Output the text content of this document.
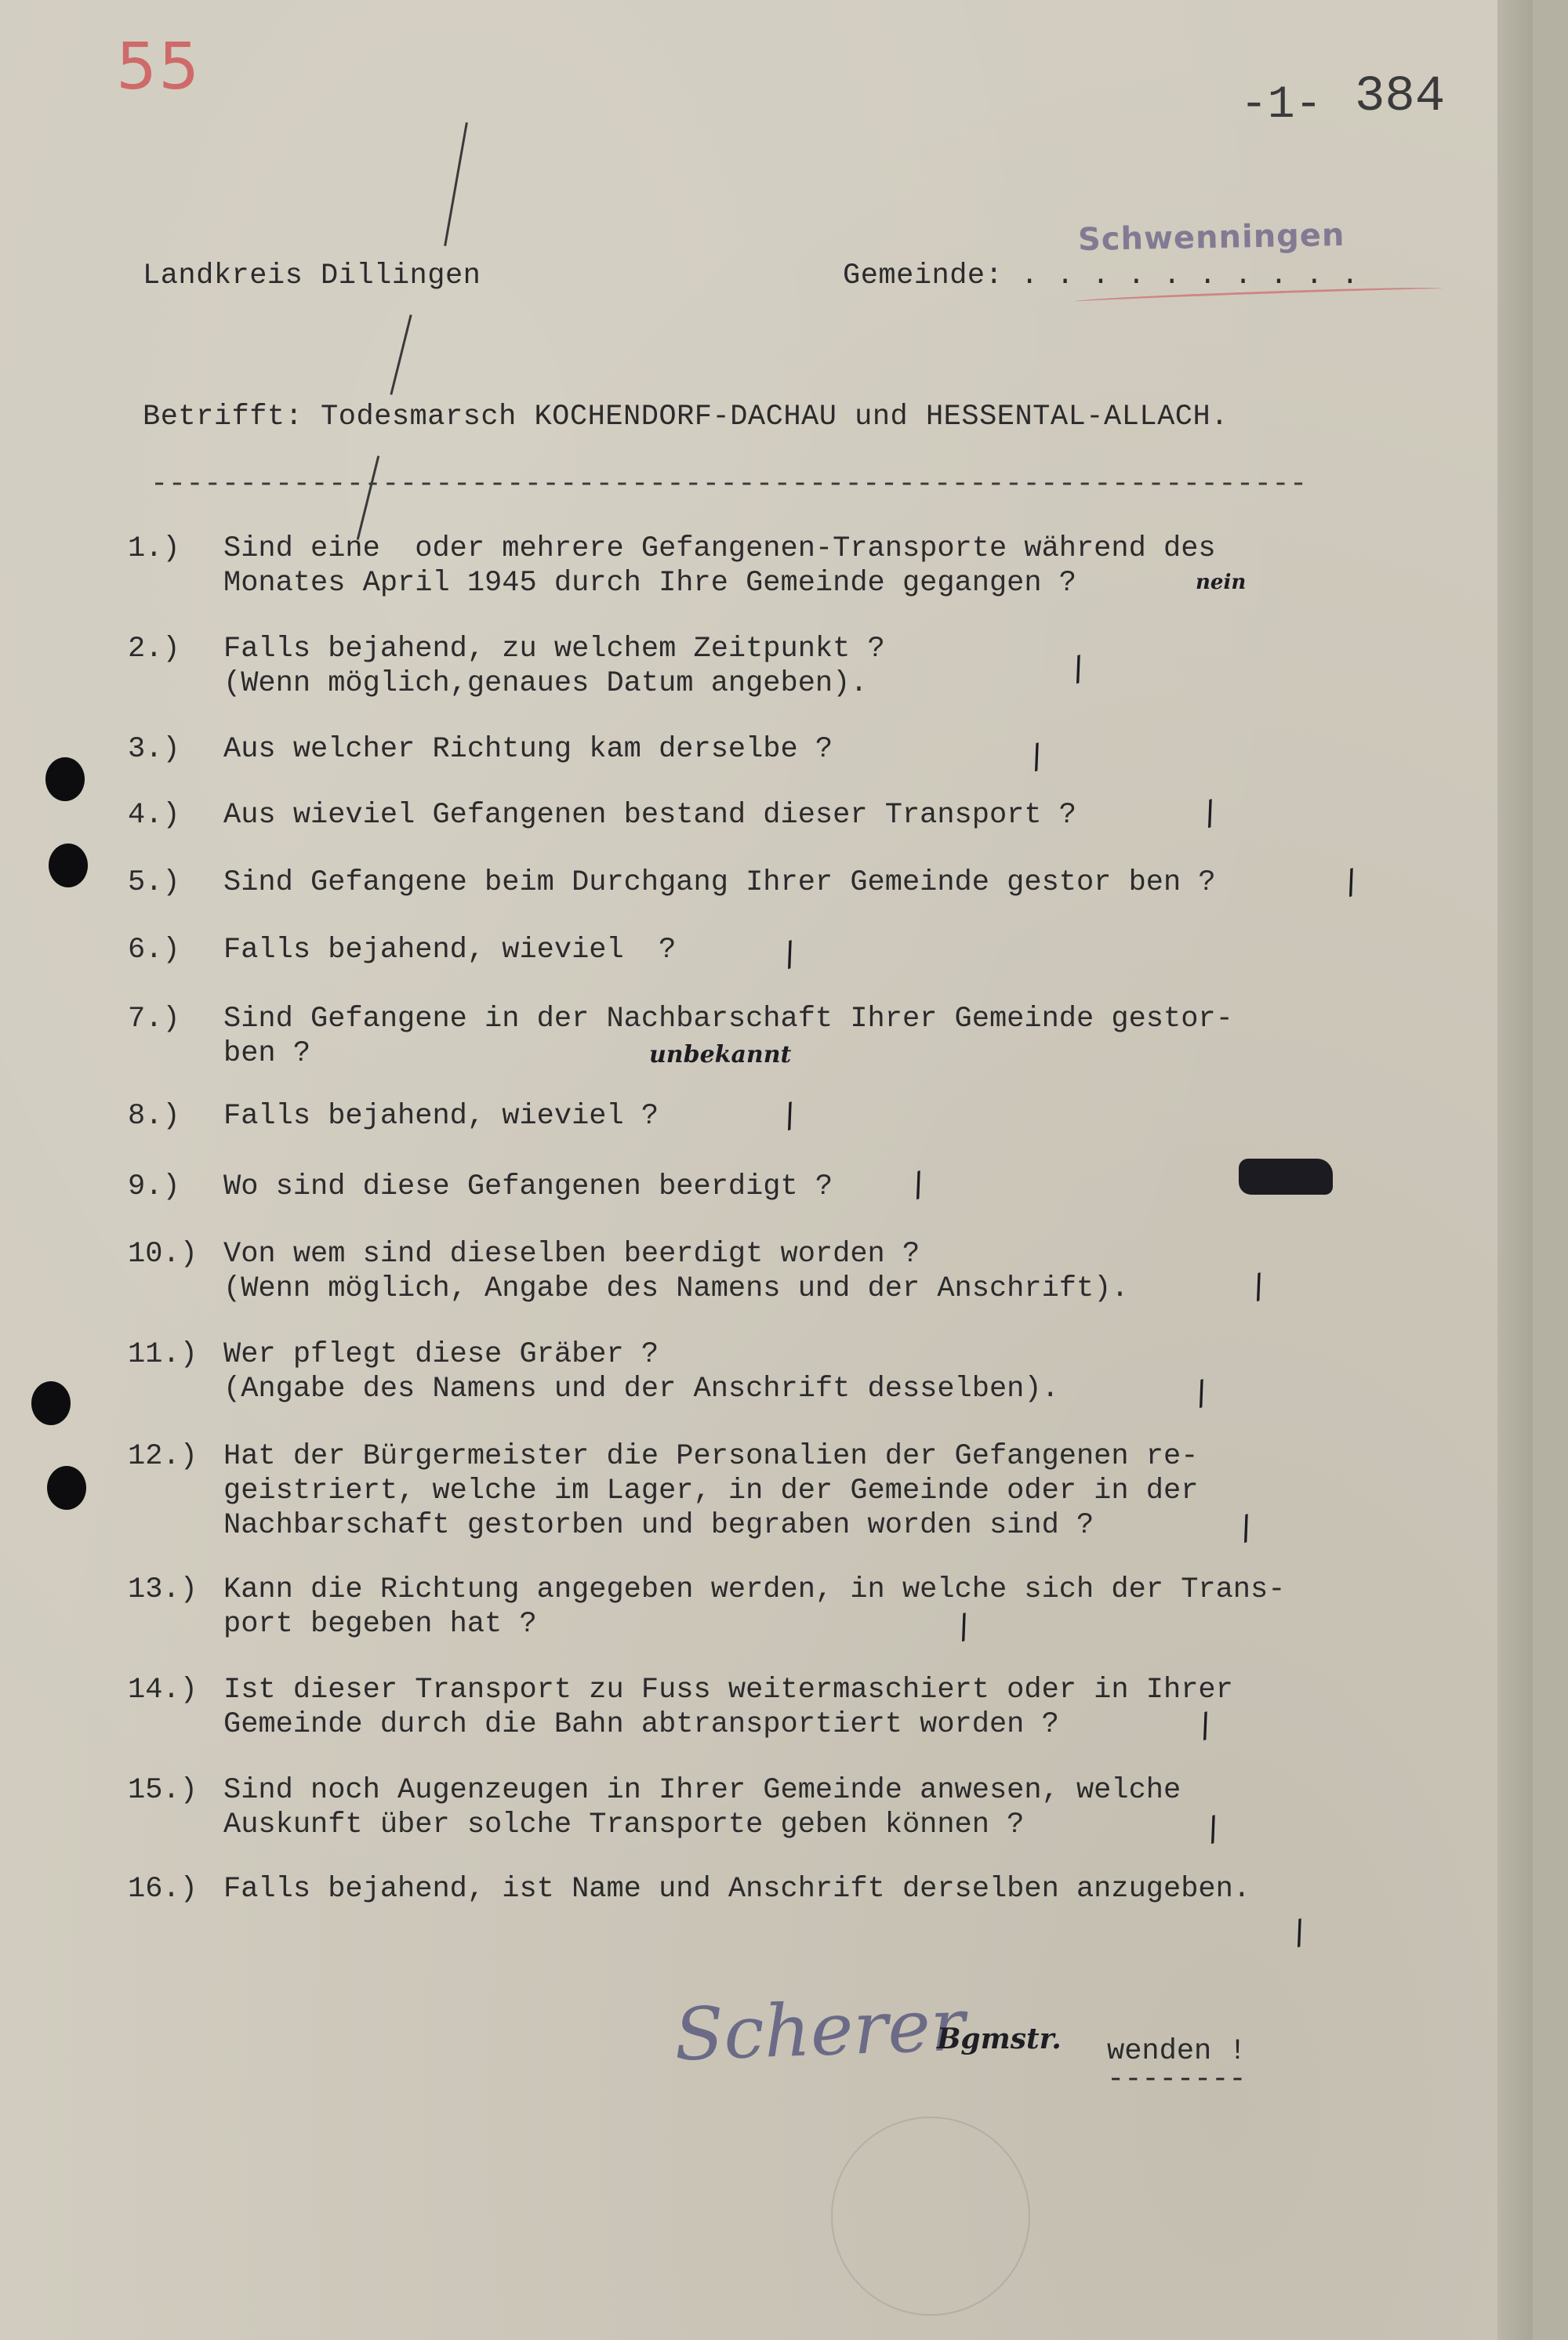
55
-1- 384
Schwenningen
Landkreis Dillingen	Gemeinde: . . . . . . . . . .
Betrifft: Todesmarsch KOCHENDORF-DACHAU und HESSENTAL-ALLACH.
-----------------------------------------------------------------
1.) Sind eine  oder mehrere Gefangenen-Transporte während des
Monates April 1945 durch Ihre Gemeinde gegangen ?	nein
2.) Falls bejahend, zu welchem Zeitpunkt ?
(Wenn möglich,genaues Datum angeben).	/
3.) Aus welcher Richtung kam derselbe ?	/
4.) Aus wieviel Gefangenen bestand dieser Transport ?	/
5.) Sind Gefangene beim Durchgang Ihrer Gemeinde gestor ben ?	/
6.) Falls bejahend, wieviel  ?	/
7.) Sind Gefangene in der Nachbarschaft Ihrer Gemeinde gestor-
ben ?	unbekannt
8.) Falls bejahend, wieviel ?	/
9.) Wo sind diese Gefangenen beerdigt ? /
10.) Von wem sind dieselben beerdigt worden ?
(Wenn möglich, Angabe des Namens und der Anschrift).	/
11.) Wer pflegt diese Gräber ?
(Angabe des Namens und der Anschrift desselben).	/
12.) Hat der Bürgermeister die Personalien der Gefangenen re-
geistriert, welche im Lager, in der Gemeinde oder in der
Nachbarschaft gestorben und begraben worden sind ?	/
13.) Kann die Richtung angegeben werden, in welche sich der Trans-
port begeben hat ?	/
14.) Ist dieser Transport zu Fuss weitermaschiert oder in Ihrer
Gemeinde durch die Bahn abtransportiert worden ?	/
15.) Sind noch Augenzeugen in Ihrer Gemeinde anwesen, welche
Auskunft über solche Transporte geben können ?	/
16.) Falls bejahend, ist Name und Anschrift derselben anzugeben.
/
Scherer
Bgmstr. wenden !
--------
